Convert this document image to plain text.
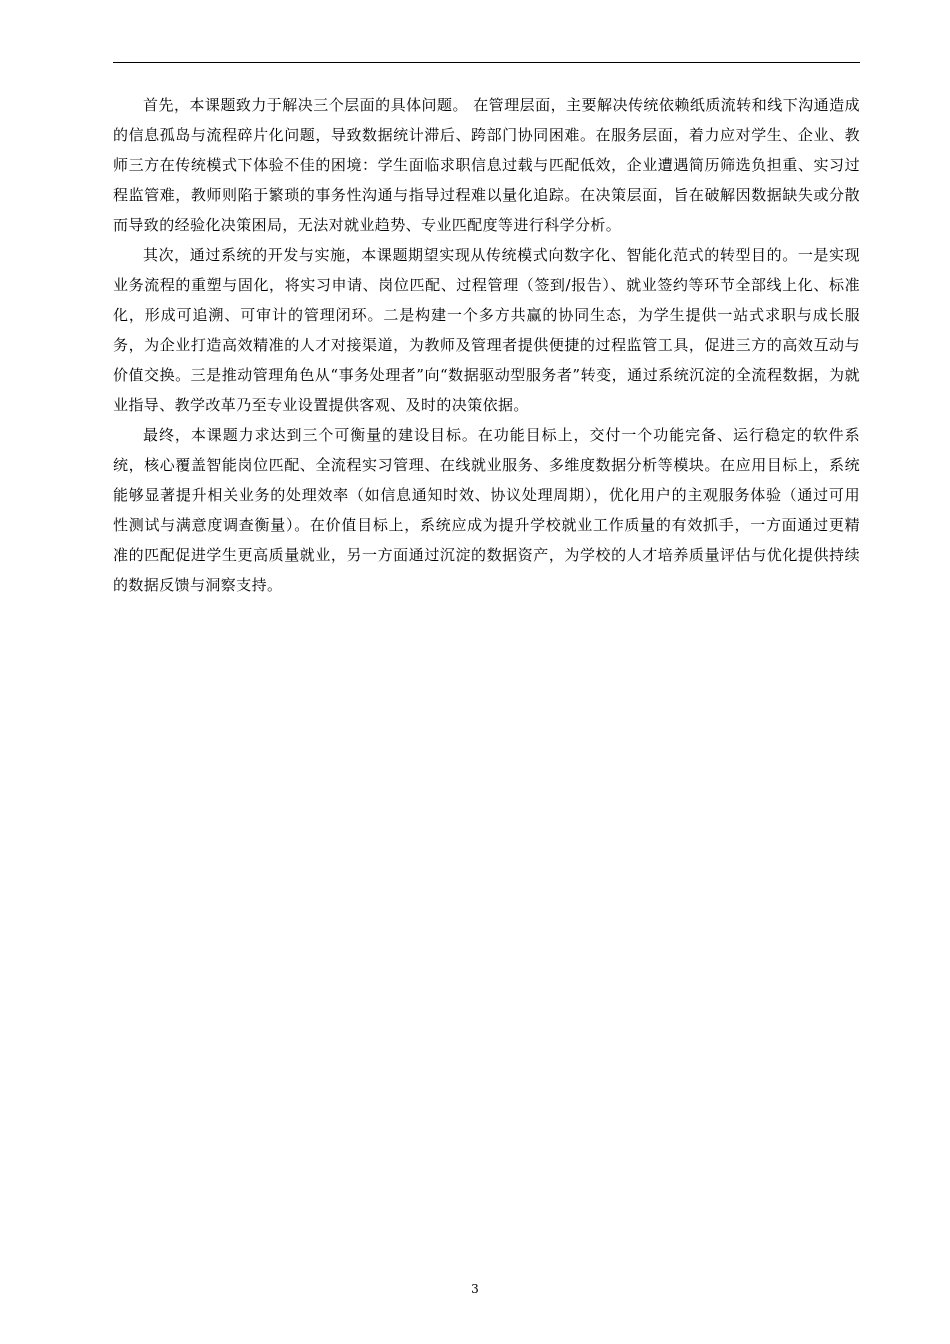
首先，本课题致力于解决三个层面的具体问题。 在管理层面，主要解决传统依赖纸质流转和线下沟通造成的信息孤岛与流程碎片化问题，导致数据统计滞后、跨部门协同困难。在服务层面，着力应对学生、企业、教师三方在传统模式下体验不佳的困境：学生面临求职信息过载与匹配低效，企业遭遇简历筛选负担重、实习过程监管难，教师则陷于繁琐的事务性沟通与指导过程难以量化追踪。在决策层面，旨在破解因数据缺失或分散而导致的经验化决策困局，无法对就业趋势、专业匹配度等进行科学分析。

其次，通过系统的开发与实施，本课题期望实现从传统模式向数字化、智能化范式的转型目的。一是实现业务流程的重塑与固化，将实习申请、岗位匹配、过程管理（签到/报告）、就业签约等环节全部线上化、标准化，形成可追溯、可审计的管理闭环。二是构建一个多方共赢的协同生态，为学生提供一站式求职与成长服务，为企业打造高效精准的人才对接渠道，为教师及管理者提供便捷的过程监管工具，促进三方的高效互动与价值交换。三是推动管理角色从“事务处理者”向“数据驱动型服务者”转变，通过系统沉淀的全流程数据，为就业指导、教学改革乃至专业设置提供客观、及时的决策依据。

最终，本课题力求达到三个可衡量的建设目标。在功能目标上，交付一个功能完备、运行稳定的软件系统，核心覆盖智能岗位匹配、全流程实习管理、在线就业服务、多维度数据分析等模块。在应用目标上，系统能够显著提升相关业务的处理效率（如信息通知时效、协议处理周期），优化用户的主观服务体验（通过可用性测试与满意度调查衡量）。在价值目标上，系统应成为提升学校就业工作质量的有效抓手，一方面通过更精准的匹配促进学生更高质量就业，另一方面通过沉淀的数据资产，为学校的人才培养质量评估与优化提供持续的数据反馈与洞察支持。

3
